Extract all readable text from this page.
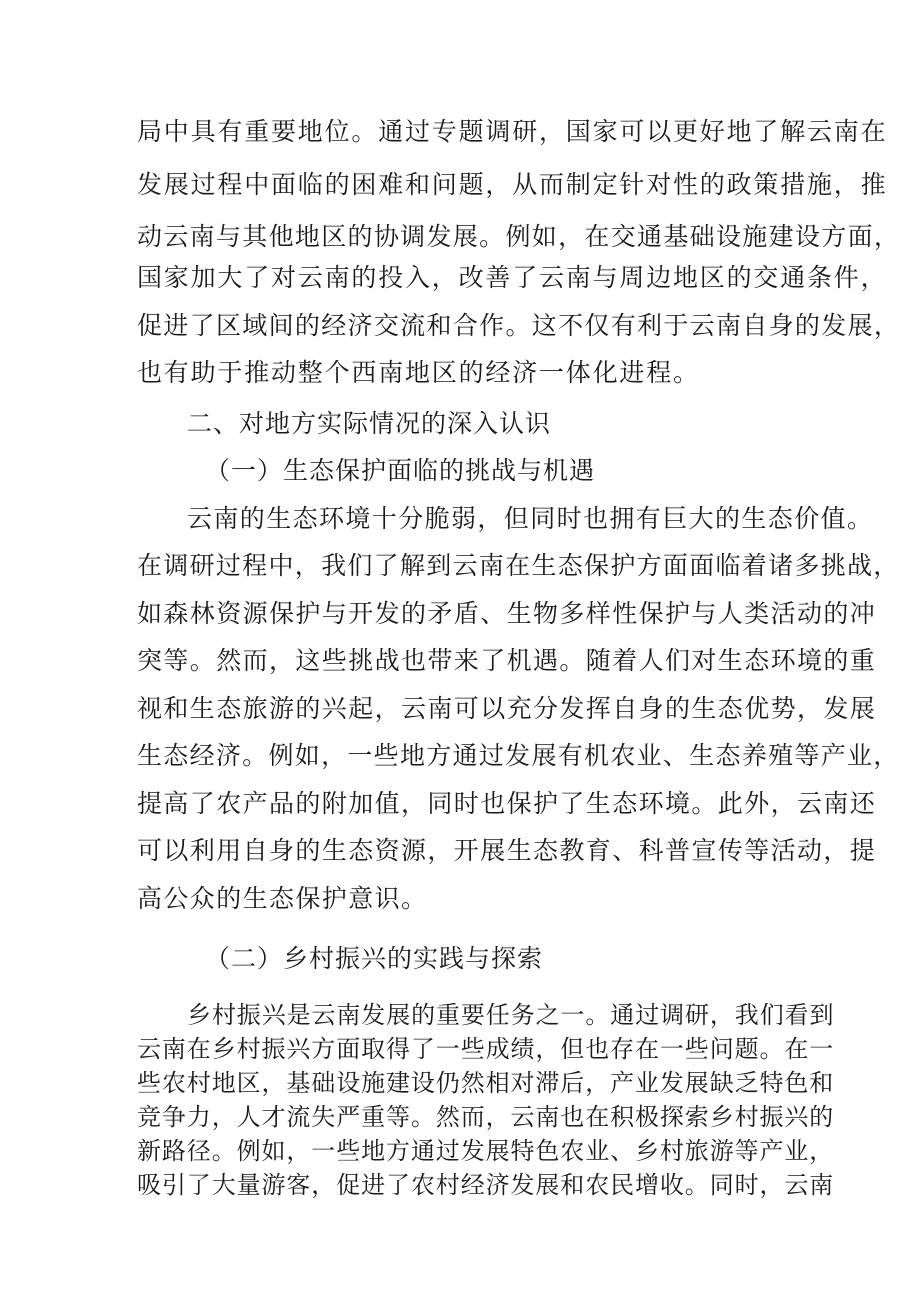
局中具有重要地位。通过专题调研，国家可以更好地了解云南在
发展过程中面临的困难和问题，从而制定针对性的政策措施，推
动云南与其他地区的协调发展。例如，在交通基础设施建设方面，
国家加大了对云南的投入，改善了云南与周边地区的交通条件，
促进了区域间的经济交流和合作。这不仅有利于云南自身的发展，
也有助于推动整个西南地区的经济一体化进程。
二、对地方实际情况的深入认识
（一）生态保护面临的挑战与机遇
云南的生态环境十分脆弱，但同时也拥有巨大的生态价值。
在调研过程中，我们了解到云南在生态保护方面面临着诸多挑战，
如森林资源保护与开发的矛盾、生物多样性保护与人类活动的冲
突等。然而，这些挑战也带来了机遇。随着人们对生态环境的重
视和生态旅游的兴起，云南可以充分发挥自身的生态优势，发展
生态经济。例如，一些地方通过发展有机农业、生态养殖等产业，
提高了农产品的附加值，同时也保护了生态环境。此外，云南还
可以利用自身的生态资源，开展生态教育、科普宣传等活动，提
高公众的生态保护意识。
（二）乡村振兴的实践与探索
乡村振兴是云南发展的重要任务之一。通过调研，我们看到
云南在乡村振兴方面取得了一些成绩，但也存在一些问题。在一
些农村地区，基础设施建设仍然相对滞后，产业发展缺乏特色和
竞争力，人才流失严重等。然而，云南也在积极探索乡村振兴的
新路径。例如，一些地方通过发展特色农业、乡村旅游等产业，
吸引了大量游客，促进了农村经济发展和农民增收。同时，云南
